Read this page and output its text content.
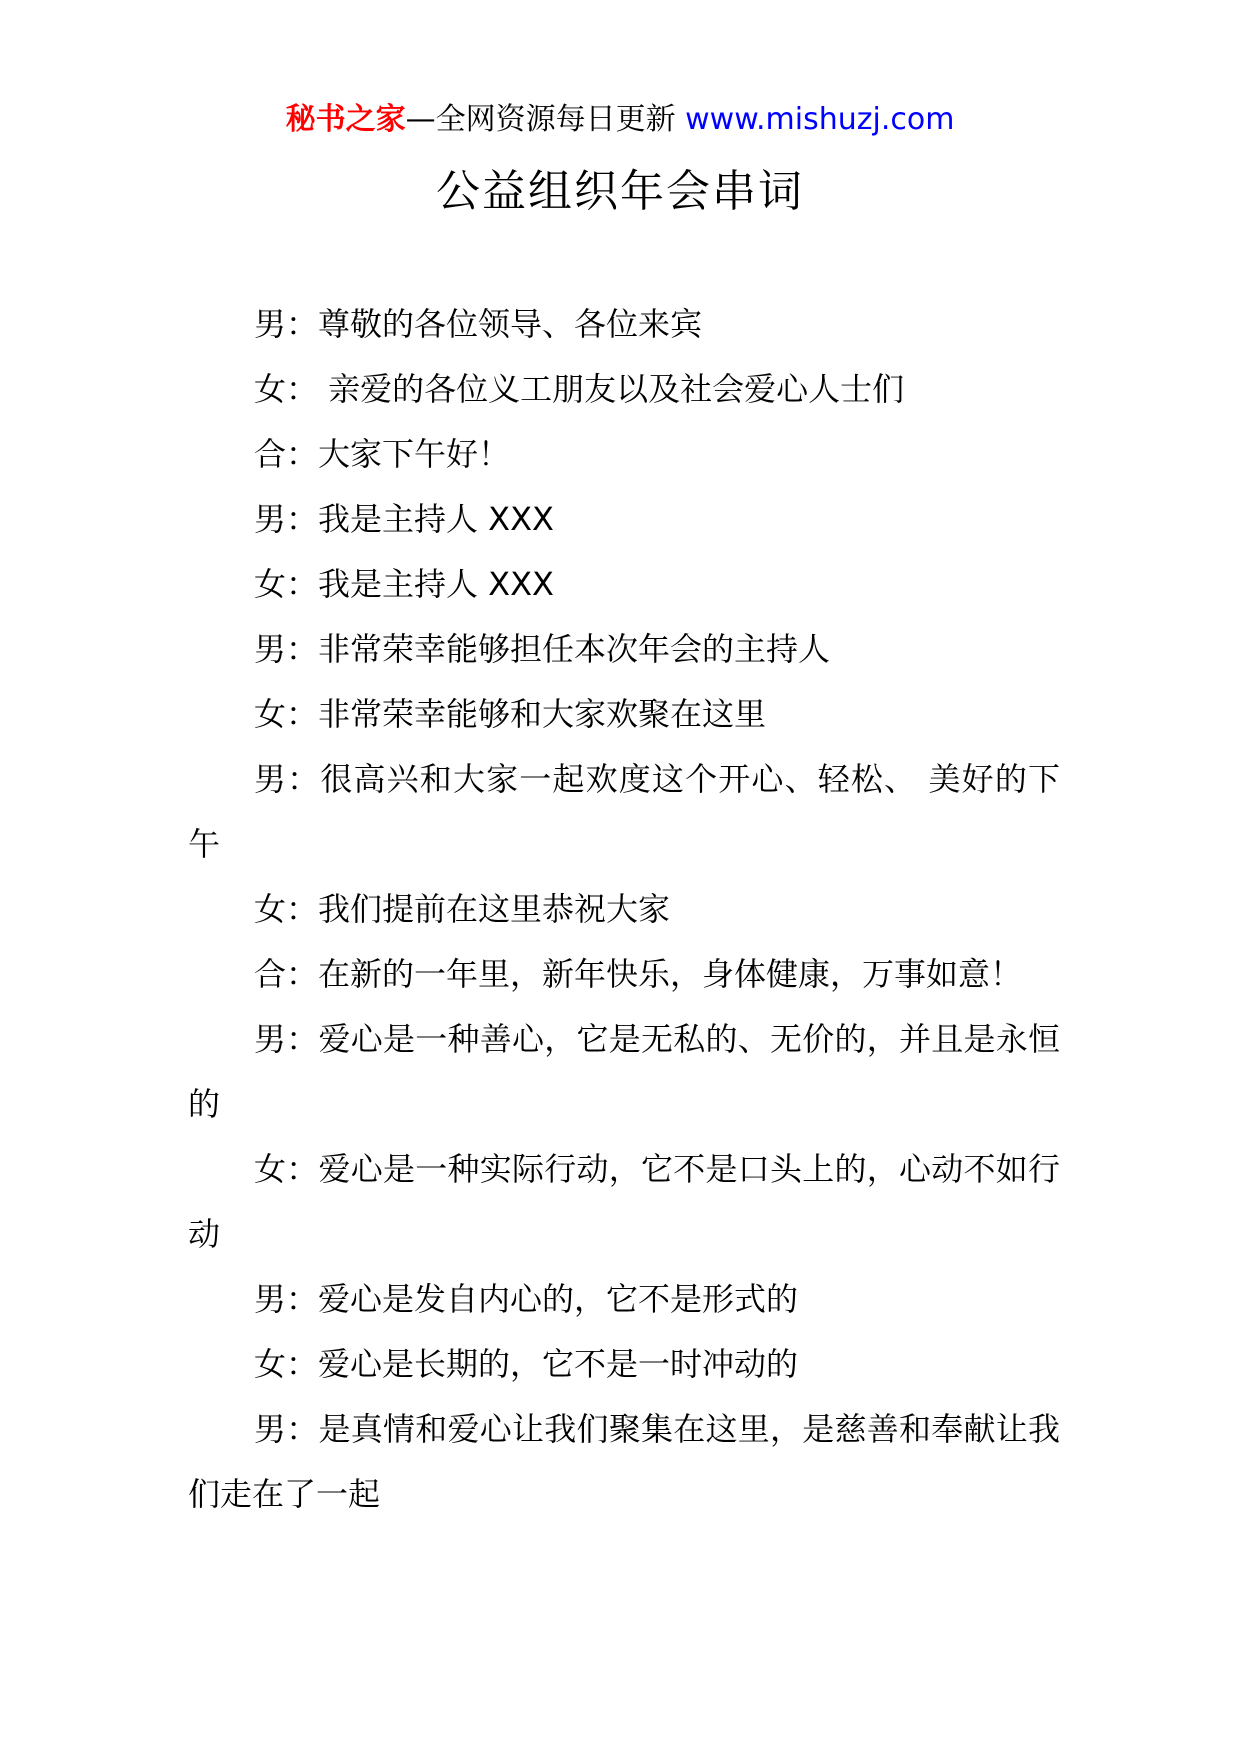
秘书之家—全网资源每日更新 www.mishuzj.com
公益组织年会串词

男：尊敬的各位领导、各位来宾

女： 亲爱的各位义工朋友以及社会爱心人士们

合：大家下午好！

男：我是主持人 XXX

女：我是主持人 XXX

男：非常荣幸能够担任本次年会的主持人

女：非常荣幸能够和大家欢聚在这里

男：很高兴和大家一起欢度这个开心、轻松、 美好的下午

女：我们提前在这里恭祝大家

合：在新的一年里，新年快乐，身体健康，万事如意！

男：爱心是一种善心，它是无私的、无价的，并且是永恒的

女：爱心是一种实际行动，它不是口头上的，心动不如行动

男：爱心是发自内心的，它不是形式的

女：爱心是长期的，它不是一时冲动的

男：是真情和爱心让我们聚集在这里，是慈善和奉献让我们走在了一起
